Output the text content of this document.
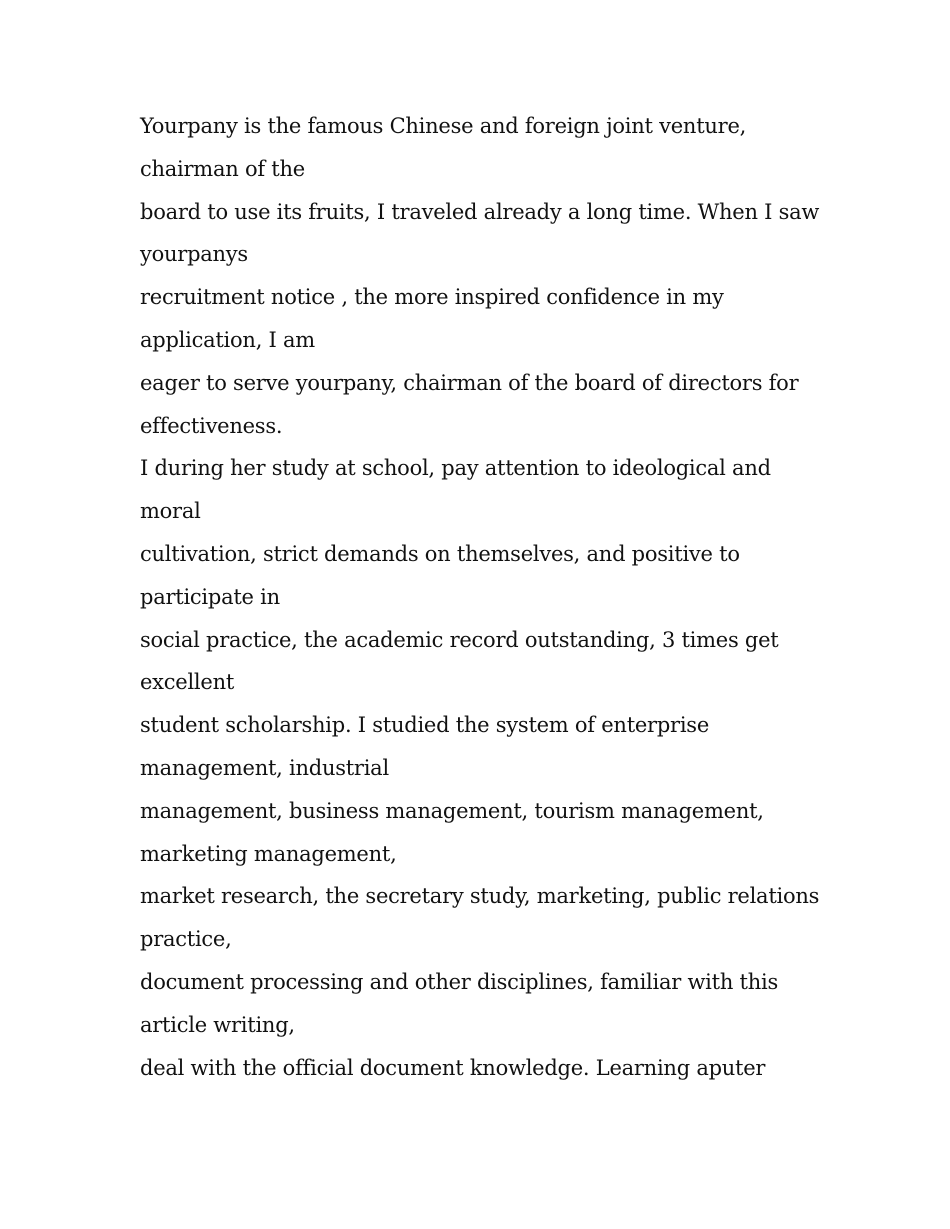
Yourpany is the famous Chinese and foreign joint venture,
chairman of the
board to use its fruits, I traveled already a long time. When I saw
yourpanys
recruitment notice , the more inspired confidence in my
application, I am
eager to serve yourpany, chairman of the board of directors for
effectiveness.
I during her study at school, pay attention to ideological and
moral
cultivation, strict demands on themselves, and positive to
participate in
social practice, the academic record outstanding, 3 times get
excellent
student scholarship. I studied the system of enterprise
management, industrial
management, business management, tourism management,
marketing management,
market research, the secretary study, marketing, public relations
practice,
document processing and other disciplines, familiar with this
article writing,
deal with the official document knowledge. Learning aputer
